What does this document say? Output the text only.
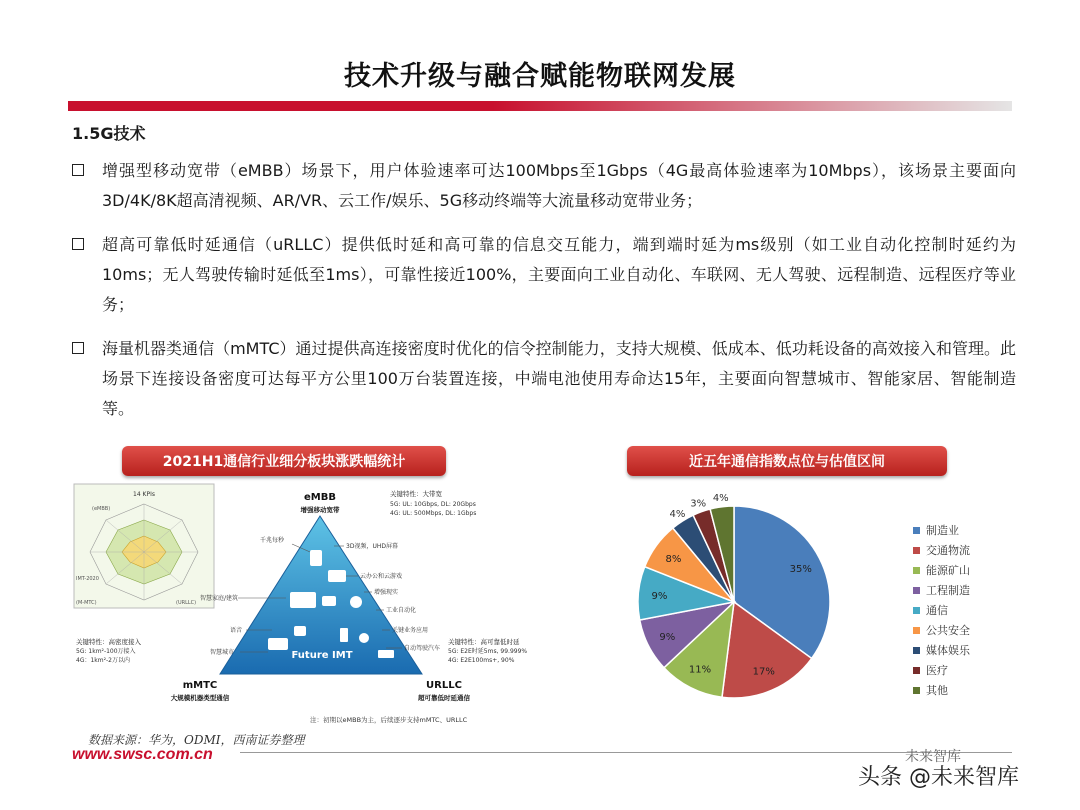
技术升级与融合赋能物联网发展
1.5G技术
增强型移动宽带（eMBB）场景下，用户体验速率可达100Mbps至1Gbps（4G最高体验速率为10Mbps），该场景主要面向3D/4K/8K超高清视频、AR/VR、云工作/娱乐、5G移动终端等大流量移动宽带业务；
超高可靠低时延通信（uRLLC）提供低时延和高可靠的信息交互能力，端到端时延为ms级别（如工业自动化控制时延约为10ms；无人驾驶传输时延低至1ms），可靠性接近100%，主要面向工业自动化、车联网、无人驾驶、远程制造、远程医疗等业务；
海量机器类通信（mMTC）通过提供高连接密度时优化的信令控制能力，支持大规模、低成本、低功耗设备的高效接入和管理。此场景下连接设备密度可达每平方公里100万台装置连接，中端电池使用寿命达15年，主要面向智慧城市、智能家居、智能制造等。
2021H1通信行业细分板块涨跌幅统计	近五年通信指数点位与估值区间
14 KPIs
IMT-2020
(M-MTC)	(URLLC)
(eMBB)
Future IMT
千兆每秒
3D视频，UHD屏幕
云办公和云游戏
增强现实
工业自动化
关键业务应用
自动驾驶汽车
语音
智慧家庭/建筑
智慧城市
eMBB
增强移动宽带
关键特性：大带宽
5G: UL: 10Gbps, DL: 20Gbps
4G: UL: 500Mbps, DL: 1Gbps
关键特性：高密度接入
5G: 1km²-100万接入
4G：1km²-2万以内
mMTC
大规模机器类型通信
关键特性：高可靠低时延
5G: E2E时延5ms, 99.999%
4G: E2E100ms+, 90%
URLLC
超可靠低时延通信
注：初期以eMBB为主，后续逐步支持mMTC、URLLC
35%
17%
11%
9%
9%
8%
4%
3% 4%
制造业
交通物流
能源矿山
工程制造
通信
公共安全
媒体娱乐
医疗
其他
数据来源：华为，ODMI，西南证券整理
www.swsc.com.cn	未来智库
头条 @未来智库
